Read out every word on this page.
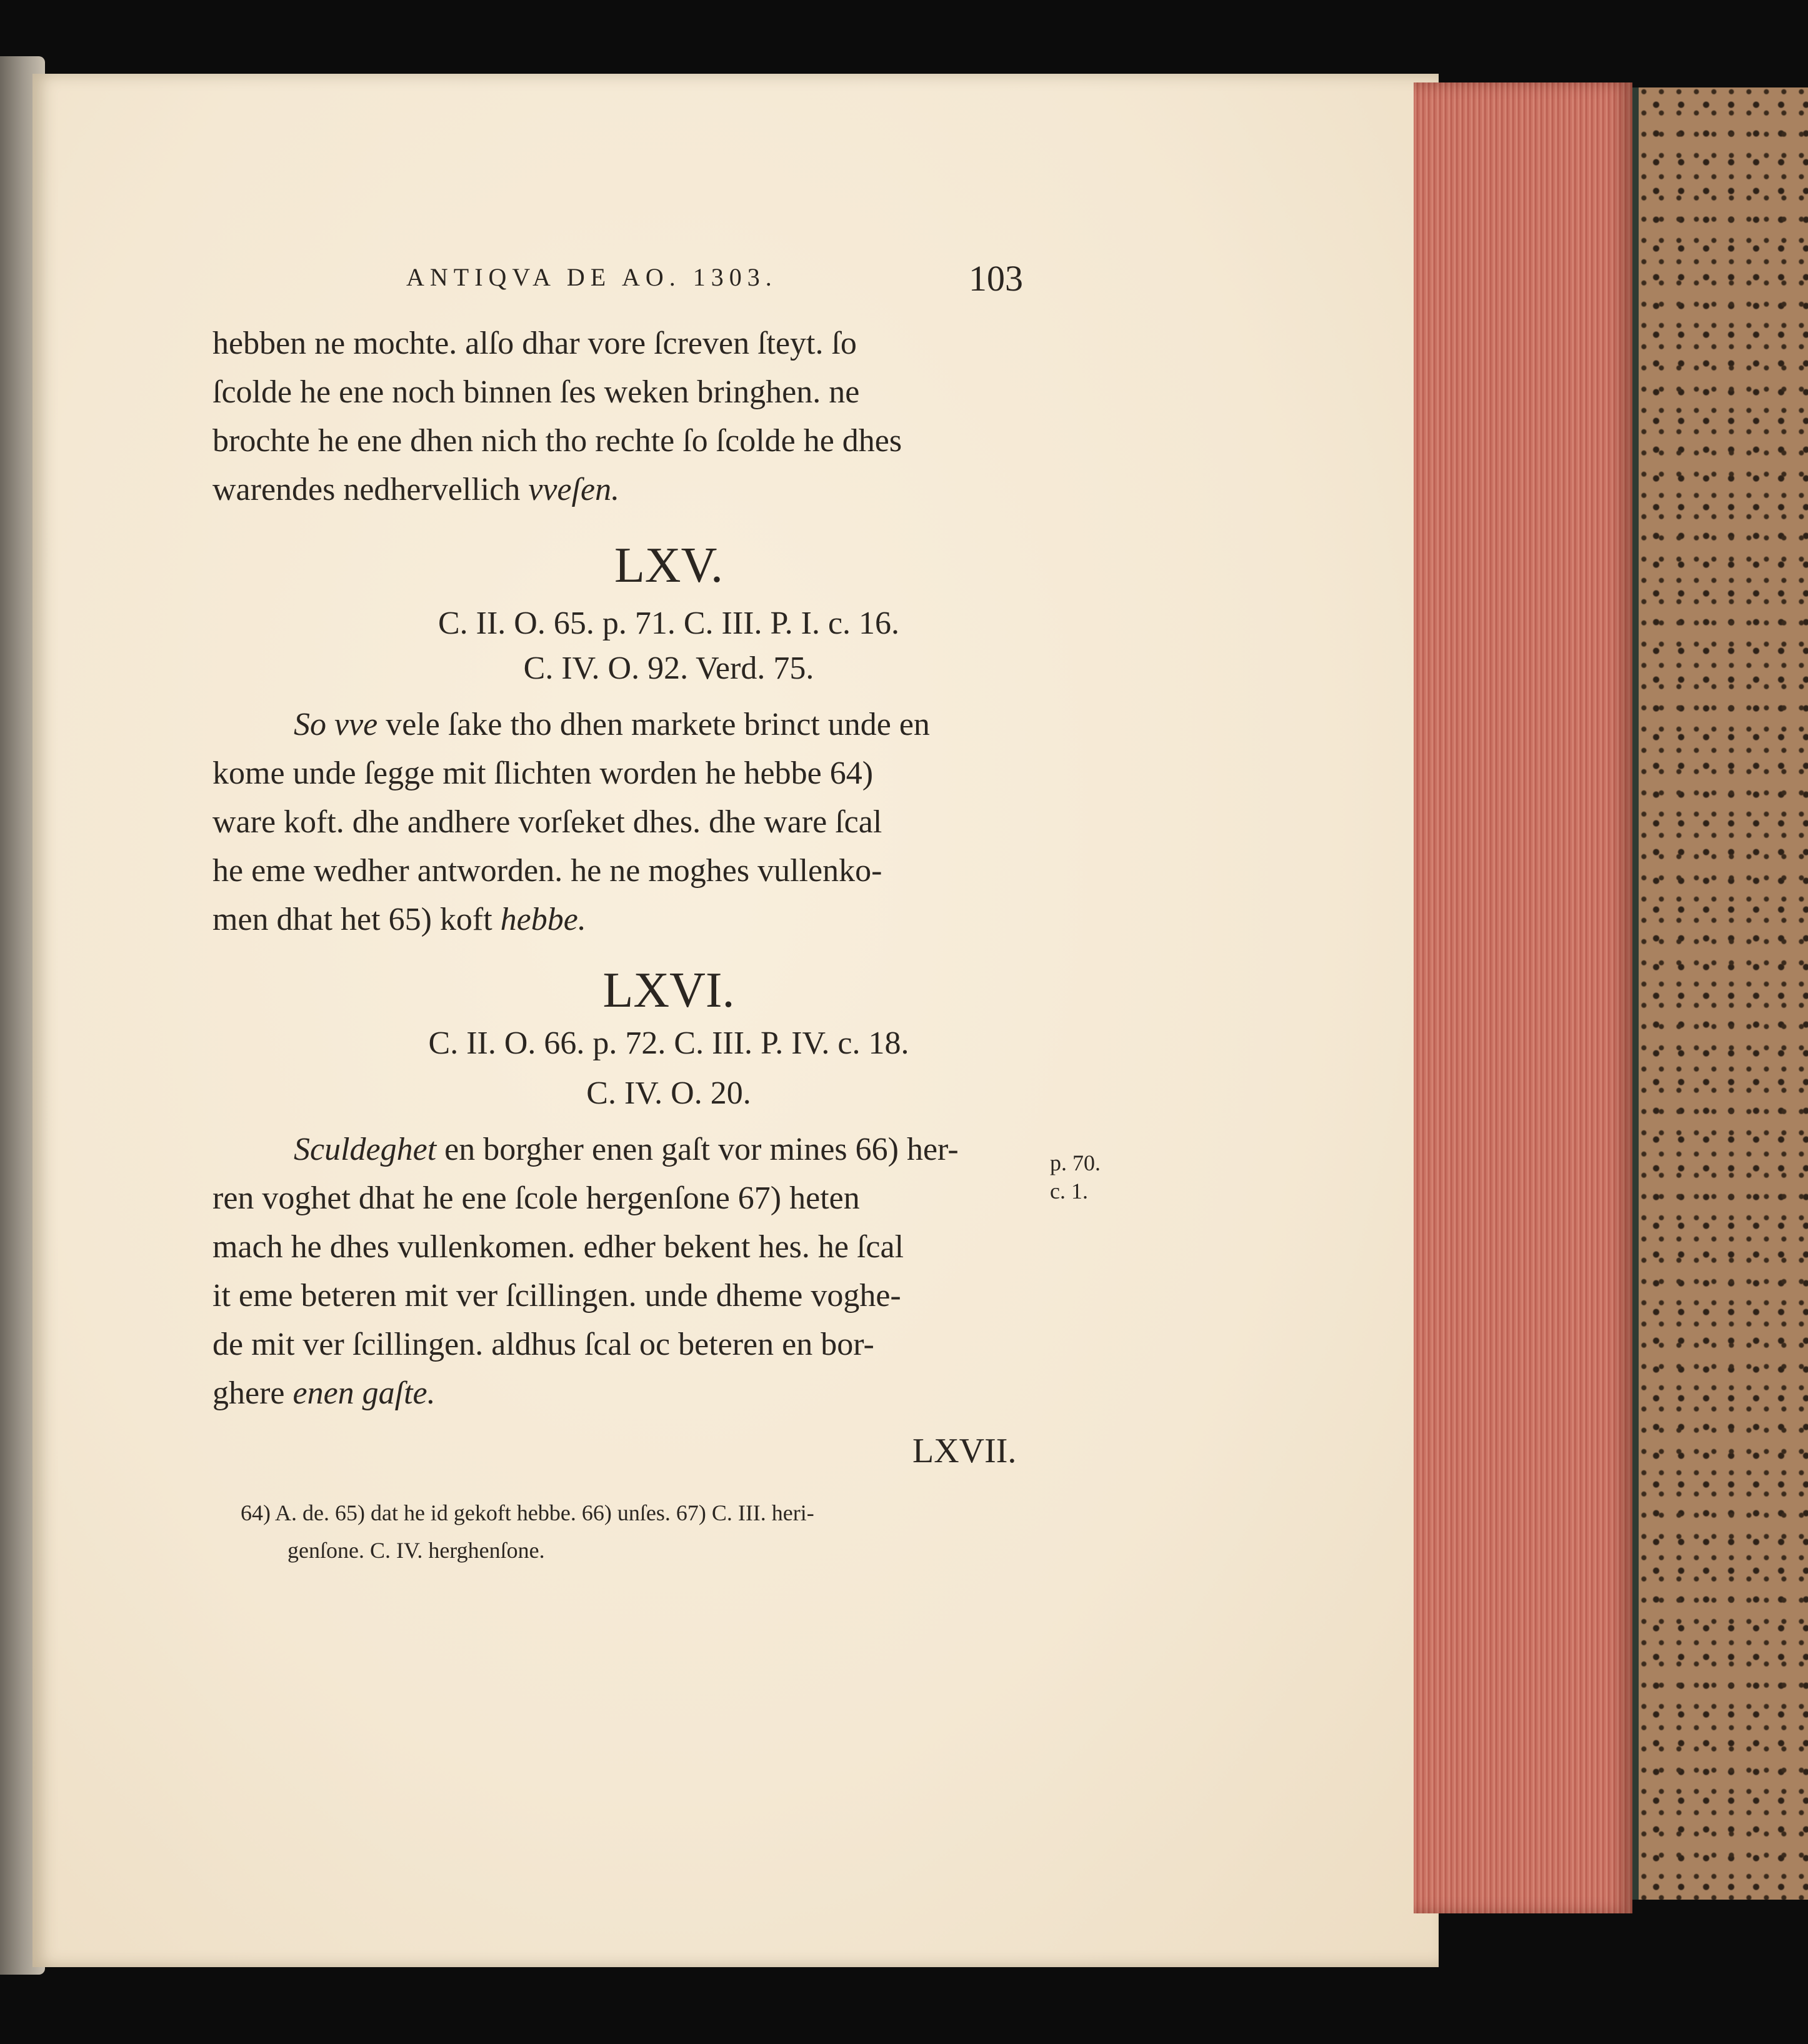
ANTIQVA DE AO. 1303.	103
hebben ne mochte. alſo dhar vore ſcreven ſteyt. ſo
ſcolde he ene noch binnen ſes weken bringhen. ne
brochte he ene dhen nich tho rechte ſo ſcolde he dhes
warendes nedhervellich vveſen.
LXV.
C. II. O. 65. p. 71. C. III. P. I. c. 16.
C. IV. O. 92. Verd. 75.
So vve vele ſake tho dhen markete brinct unde en
kome unde ſegge mit ſlichten worden he hebbe 64)
ware koft. dhe andhere vorſeket dhes. dhe ware ſcal
he eme wedher antworden. he ne moghes vullenko-
men dhat het 65) koft hebbe.
LXVI.
C. II. O. 66. p. 72. C. III. P. IV. c. 18.
C. IV. O. 20.
Sculdeghet en borgher enen gaſt vor mines 66) her-
ren voghet dhat he ene ſcole hergenſone 67) heten
mach he dhes vullenkomen. edher bekent hes. he ſcal
it eme beteren mit ver ſcillingen. unde dheme voghe-
de mit ver ſcillingen. aldhus ſcal oc beteren en bor-
ghere enen gaſte.
p. 70.
c. 1.
LXVII.
64) A. de. 65) dat he id gekoft hebbe. 66) unſes. 67) C. III. heri-
genſone. C. IV. herghenſone.
